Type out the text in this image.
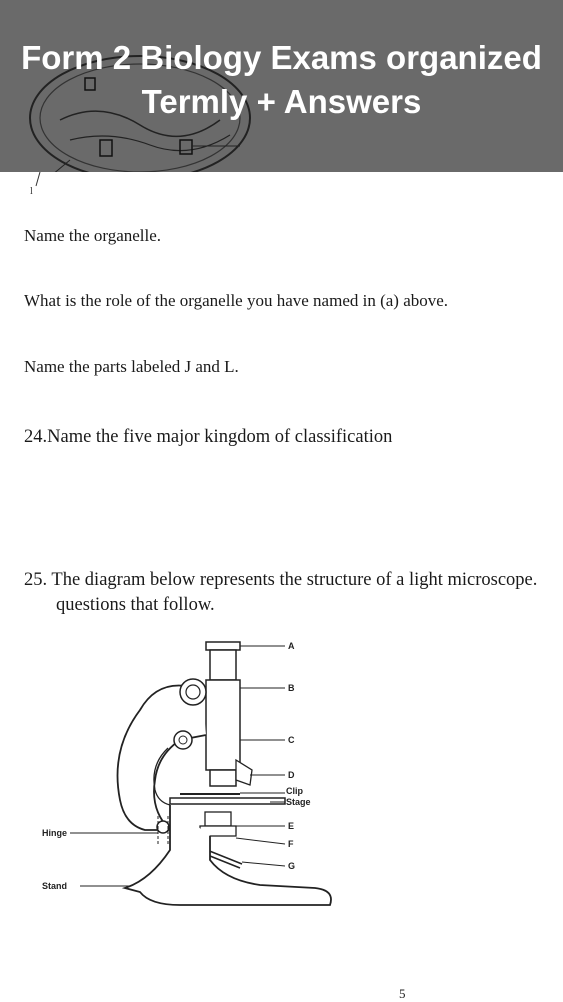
Form 2 Biology Exams organized
Termly + Answers
l
Name the organelle.
What is the role of the organelle you have named in (a) above.
Name the parts labeled J and L.
24.Name the five major kingdom of classification
25. The diagram below represents the structure of a light microscope.
questions that follow.
A
B
C
D
Clip
Stage
E
F
G
Hinge
Stand
5
